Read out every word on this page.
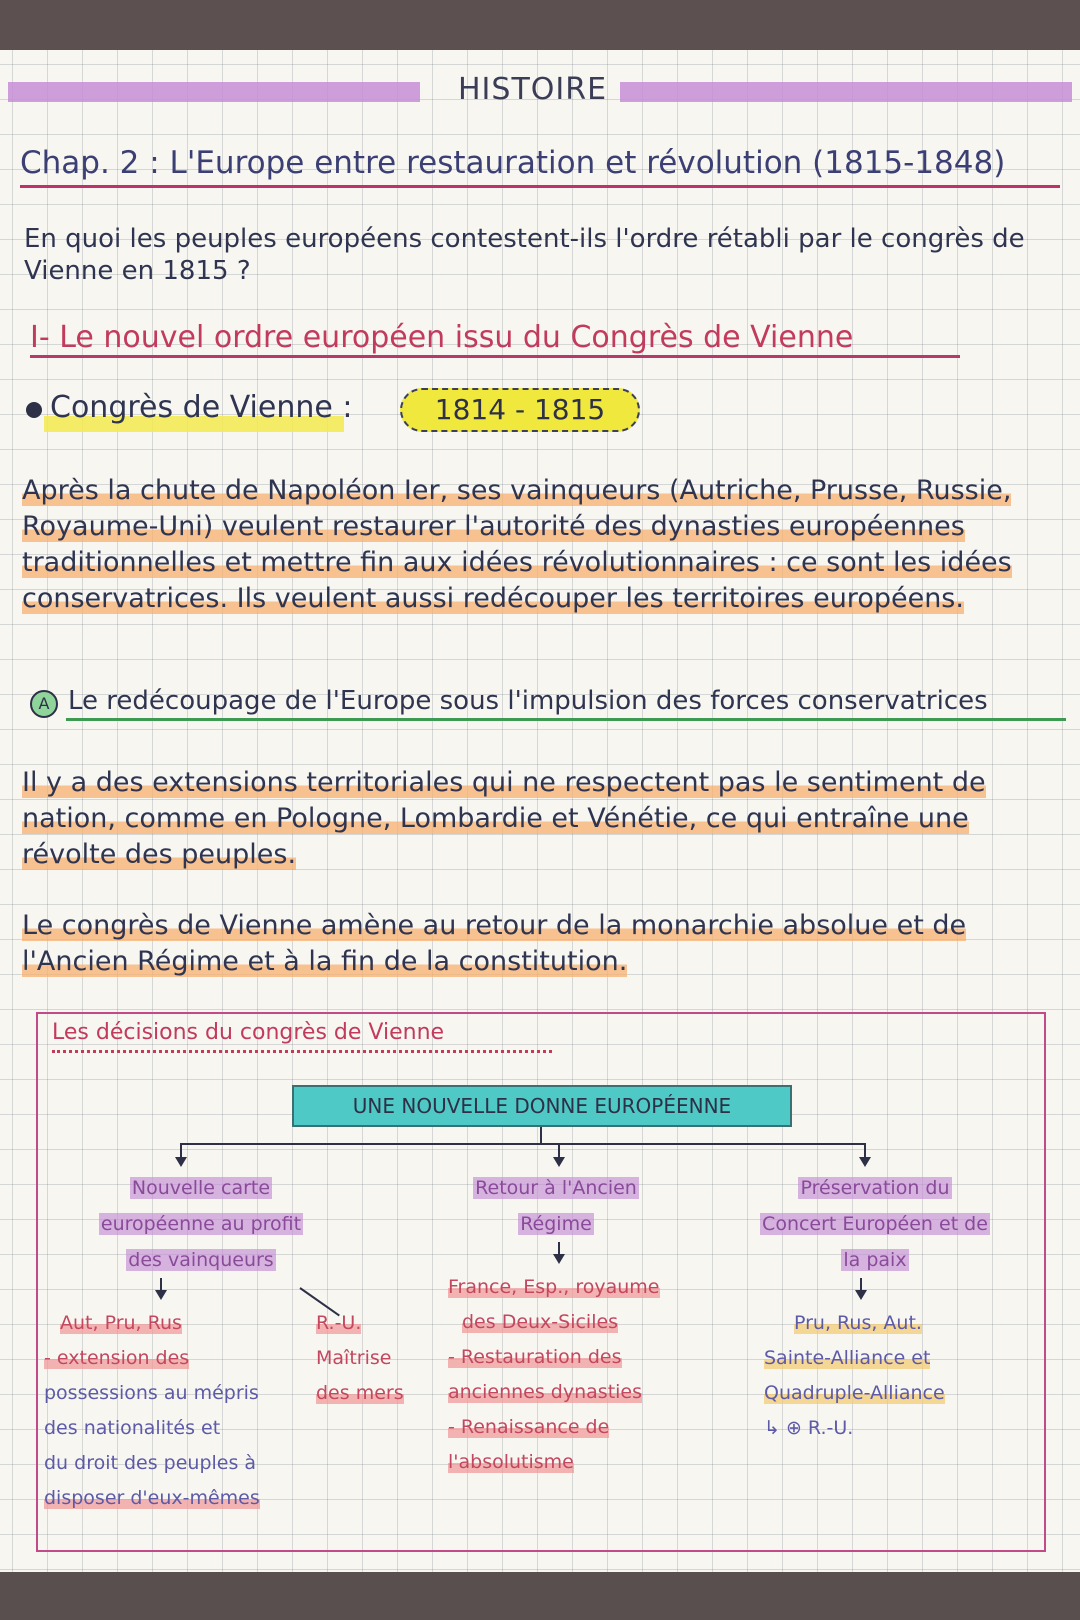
HISTOIRE
Chap. 2 : L'Europe entre restauration et révolution (1815-1848)
En quoi les peuples européens contestent-ils l'ordre rétabli par le congrès de Vienne en 1815 ?
I- Le nouvel ordre européen issu du Congrès de Vienne
Congrès de Vienne :	1814 - 1815
Après la chute de Napoléon Ier, ses vainqueurs (Autriche, Prusse, Russie, Royaume-Uni) veulent restaurer l'autorité des dynasties européennes traditionnelles et mettre fin aux idées révolutionnaires : ce sont les idées conservatrices. Ils veulent aussi redécouper les territoires européens.
A Le redécoupage de l'Europe sous l'impulsion des forces conservatrices
Il y a des extensions territoriales qui ne respectent pas le sentiment de nation, comme en Pologne, Lombardie et Vénétie, ce qui entraîne une révolte des peuples.
Le congrès de Vienne amène au retour de la monarchie absolue et de l'Ancien Régime et à la fin de la constitution.
Les décisions du congrès de Vienne
UNE NOUVELLE DONNE EUROPÉENNE
Nouvelle carte
européenne au profit
des vainqueurs
Aut, Pru, Rus
- extension des
possessions au mépris
des nationalités et
du droit des peuples à
disposer d'eux-mêmes
R.-U.
Maîtrise
des mers
Retour à l'Ancien
Régime
France, Esp., royaume
des Deux-Siciles
- Restauration des
anciennes dynasties
- Renaissance de
l'absolutisme
Préservation du
Concert Européen et de
la paix
Pru, Rus, Aut.
Sainte-Alliance et
Quadruple-Alliance
↳ ⊕ R.-U.
